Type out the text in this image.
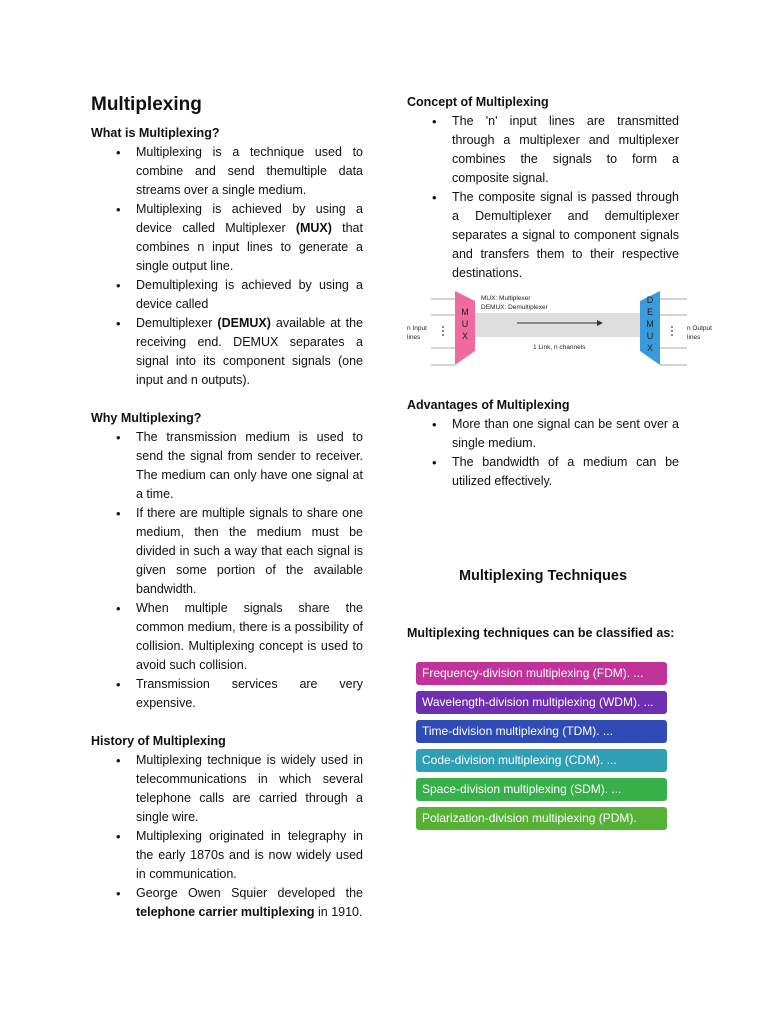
Multiplexing

What is Multiplexing?

• Multiplexing is a technique used to combine and send themultiple data streams over a single medium.
• Multiplexing is achieved by using a device called Multiplexer (MUX) that combines n input lines to generate a single output line.
• Demultiplexing is achieved by using a device called
• Demultiplexer (DEMUX) available at the receiving end. DEMUX separates a signal into its component signals (one input and n outputs).

Why Multiplexing?

• The transmission medium is used to send the signal from sender to receiver. The medium can only have one signal at a time.
• If there are multiple signals to share one medium, then the medium must be divided in such a way that each signal is given some portion of the available bandwidth.
• When multiple signals share the common medium, there is a possibility of collision. Multiplexing concept is used to avoid such collision.
• Transmission services are very expensive.

History of Multiplexing

• Multiplexing technique is widely used in telecommunications in which several telephone calls are carried through a single wire.
• Multiplexing originated in telegraphy in the early 1870s and is now widely used in communication.
• George Owen Squier developed the telephone carrier multiplexing in 1910.

Concept of Multiplexing

• The 'n' input lines are transmitted through a multiplexer and multiplexer combines the signals to form a composite signal.
• The composite signal is passed through a Demultiplexer and demultiplexer separates a signal to component signals and transfers them to their respective destinations.
M
U
X
D
E
M
U
X
MUX: Multiplexer
DEMUX: Demultiplexer
n Input
lines
n Output
lines
1 Link, n channels

Advantages of Multiplexing

• More than one signal can be sent over a single medium.
• The bandwidth of a medium can be utilized effectively.

Multiplexing Techniques

Multiplexing techniques can be classified as:

Frequency-division multiplexing (FDM). ...
Wavelength-division multiplexing (WDM). ...
Time-division multiplexing (TDM). ...
Code-division multiplexing (CDM). ...
Space-division multiplexing (SDM). ...
Polarization-division multiplexing (PDM).
